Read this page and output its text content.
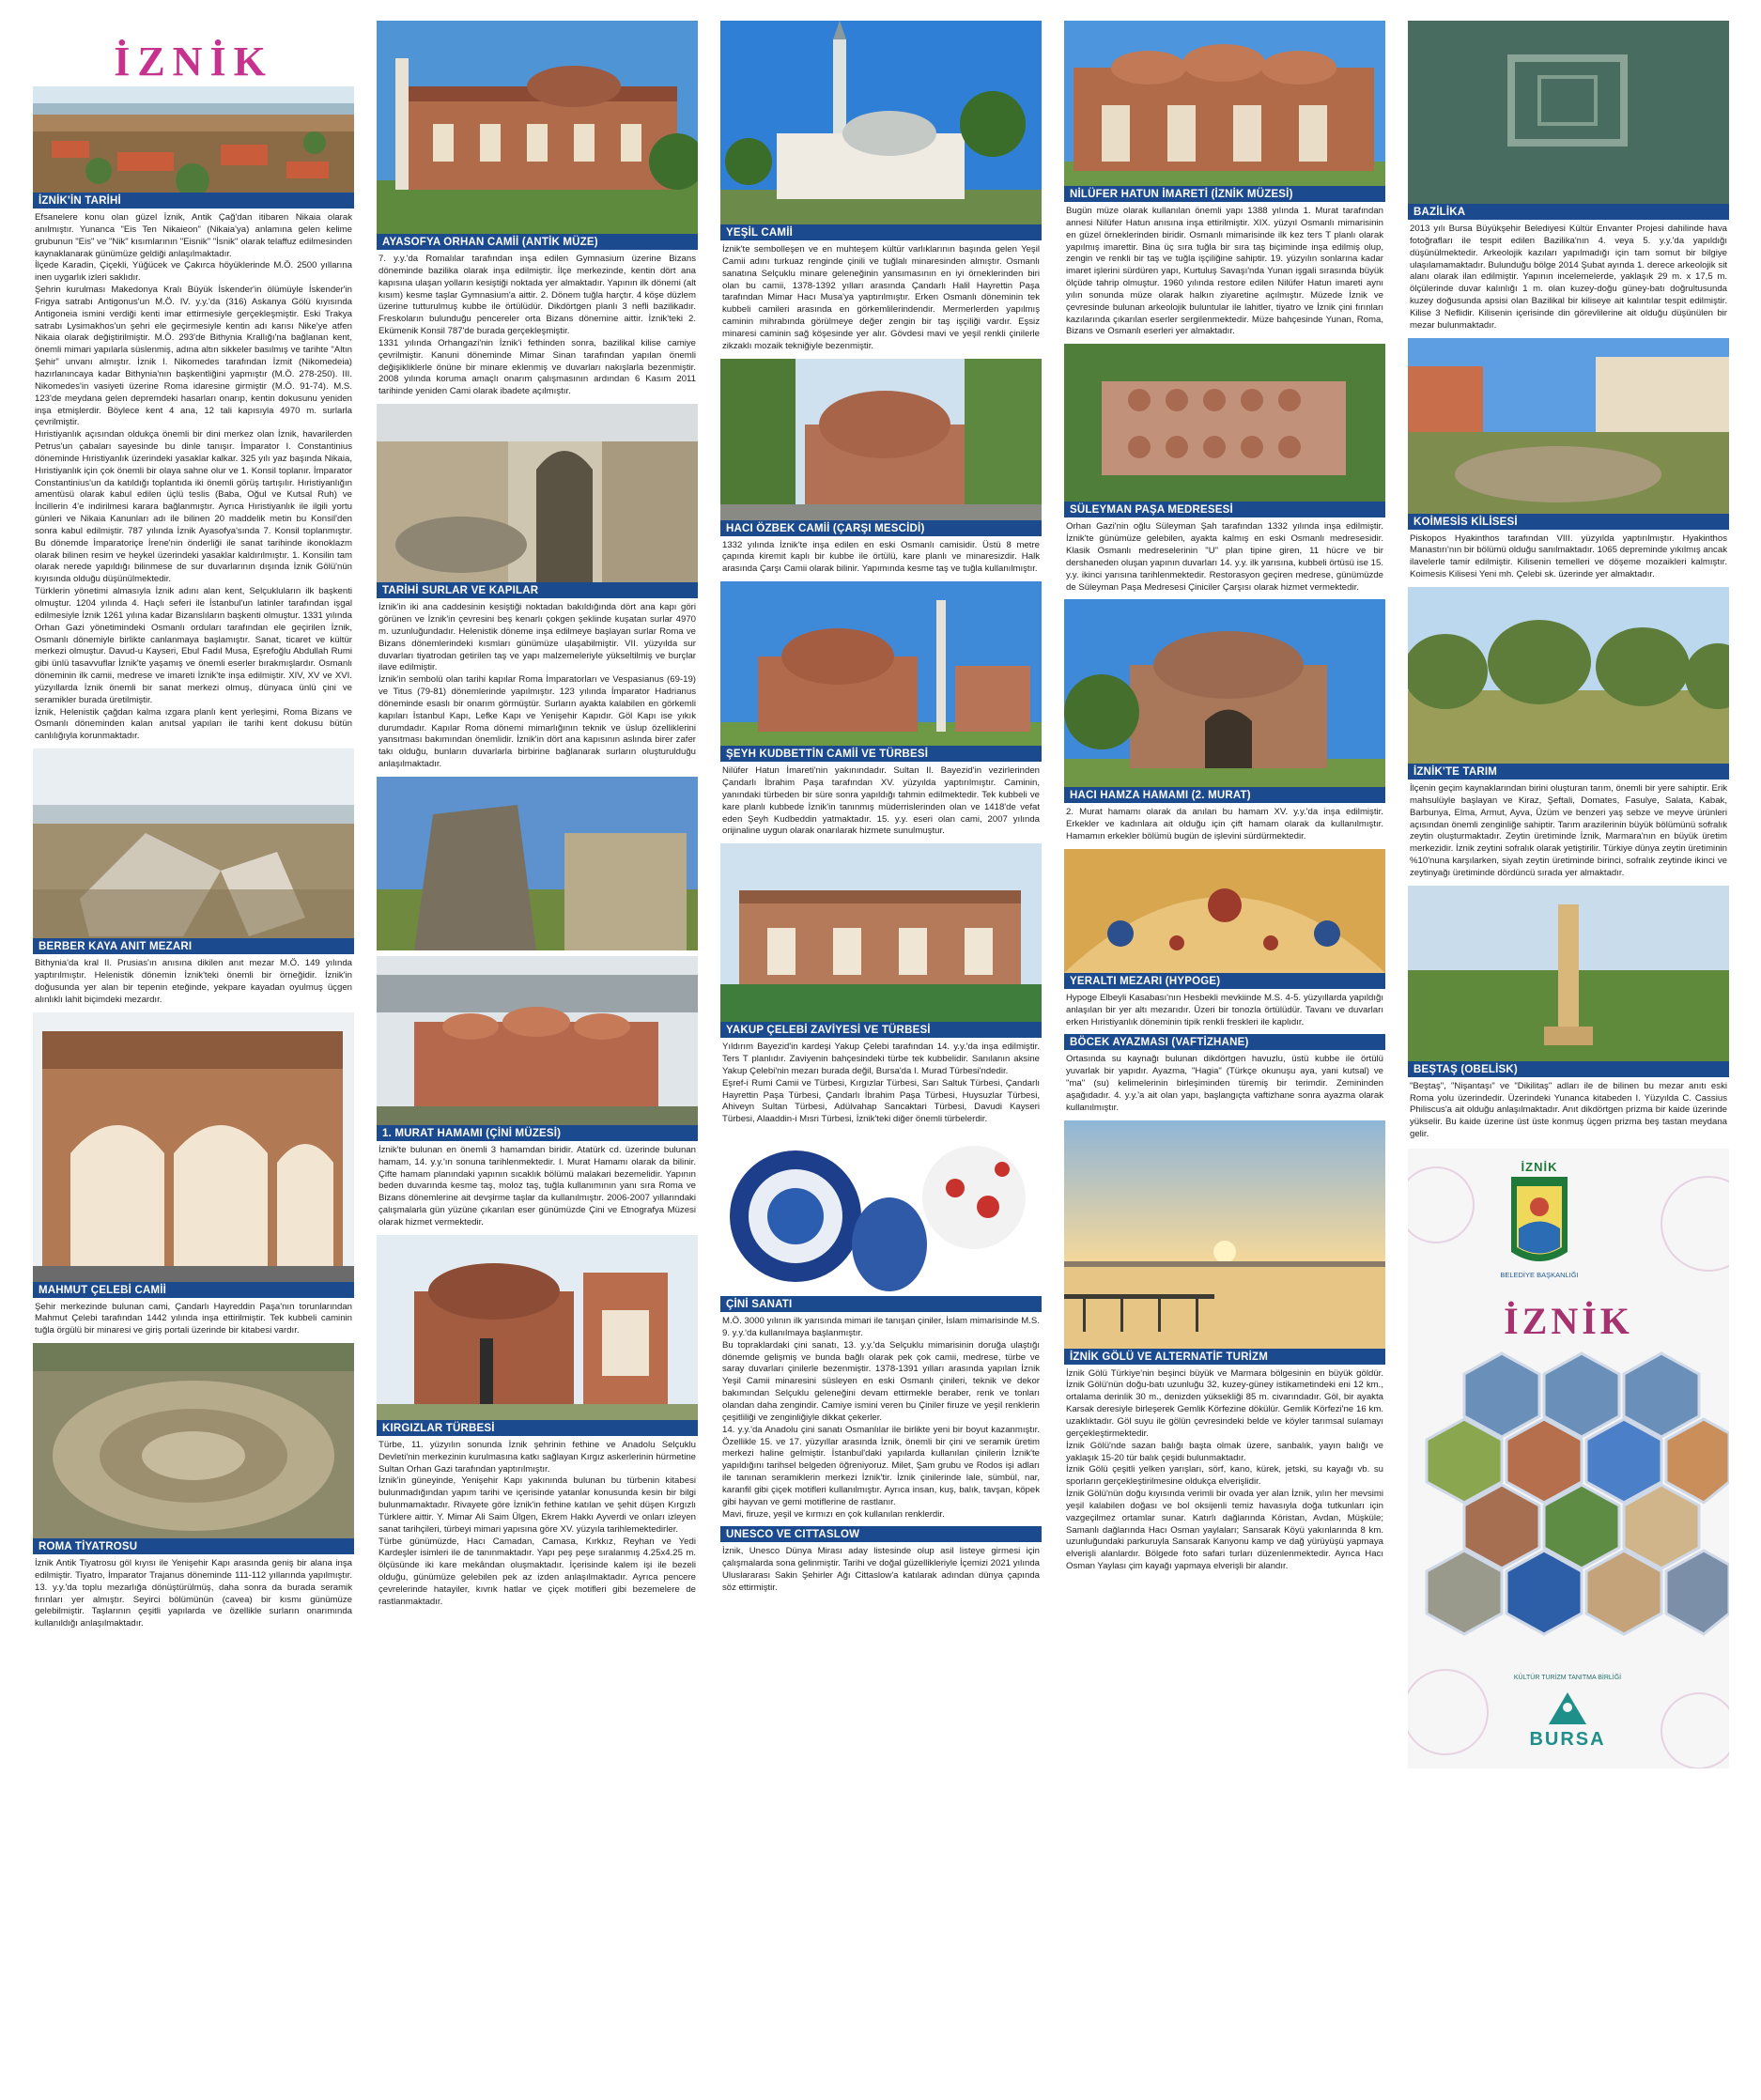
İZNİK
İZNİK'İN TARİHİ

Efsanelere konu olan güzel İznik, Antik Çağ'dan itibaren Nikaia olarak anılmıştır. Yunanca "Eis Ten Nikaieon" (Nikaia'ya) anlamına gelen kelime grubunun "Eis" ve "Nik" kısımlarının "Eisnik" "İsnik" olarak telaffuz edilmesinden kaynaklanarak günümüze geldiği anlaşılmaktadır.

İlçede Karadin, Çiçekli, Yüğücek ve Çakırca höyüklerinde M.Ö. 2500 yıllarına inen uygarlık izleri saklıdır.

Şehrin kurulması Makedonya Kralı Büyük İskender'in ölümüyle İskender'in Frigya satrabı Antigonus'un M.Ö. IV. y.y.'da (316) Askanya Gölü kıyısında Antigoneia ismini verdiği kenti imar ettirmesiyle gerçekleşmiştir. Eski Trakya satrabı Lysimakhos'un şehri ele geçirmesiyle kentin adı karısı Nike'ye atfen Nikaia olarak değiştirilmiştir. M.Ö. 293'de Bithynia Krallığı'na bağlanan kent, önemli mimari yapılarla süslenmiş, adına altın sikkeler basılmış ve tarihte "Altın Şehir" unvanı almıştır. İznik I. Nikomedes tarafından İzmit (Nikomedeia) hazırlanıncaya kadar Bithynia'nın başkentliğini yapmıştır (M.Ö. 278-250). III. Nikomedes'in vasiyeti üzerine Roma idaresine girmiştir (M.Ö. 91-74). M.S. 123'de meydana gelen depremdeki hasarları onarıp, kentin dokusunu yeniden inşa etmişlerdir. Böylece kent 4 ana, 12 tali kapısıyla 4970 m. surlarla çevrilmiştir.

Hıristiyanlık açısından oldukça önemli bir dini merkez olan İznik, havarilerden Petrus'un çabaları sayesinde bu dinle tanışır. İmparator I. Constantinius döneminde Hıristiyanlık üzerindeki yasaklar kalkar. 325 yılı yaz başında Nikaia, Hıristiyanlık için çok önemli bir olaya sahne olur ve 1. Konsil toplanır. İmparator Constantinius'un da katıldığı toplantıda iki önemli görüş tartışılır. Hıristiyanlığın amentüsü olarak kabul edilen üçlü teslis (Baba, Oğul ve Kutsal Ruh) ve İncillerin 4'e indirilmesi karara bağlanmıştır. Ayrıca Hıristiyanlık ile ilgili yortu günleri ve Nikaia Kanunları adı ile bilinen 20 maddelik metin bu Konsil'den sonra kabul edilmiştir. 787 yılında İznik Ayasofya'sında 7. Konsil toplanmıştır. Bu dönemde İmparatoriçe İrene'nin önderliği ile sanat tarihinde ikonoklazm olarak bilinen resim ve heykel üzerindeki yasaklar kaldırılmıştır. 1. Konsilin tam olarak nerede yapıldığı bilinmese de sur duvarlarının dışında İznik Gölü'nün kıyısında olduğu düşünülmektedir.

Türklerin yönetimi almasıyla İznik adını alan kent, Selçukluların ilk başkenti olmuştur. 1204 yılında 4. Haçlı seferi ile İstanbul'un latinler tarafından işgal edilmesiyle İznik 1261 yılına kadar Bizanslıların başkenti olmuştur. 1331 yılında Orhan Gazi yönetimindeki Osmanlı orduları tarafından ele geçirilen İznik, Osmanlı dönemiyle birlikte canlanmaya başlamıştır. Sanat, ticaret ve kültür merkezi olmuştur. Davud-u Kayseri, Ebul Fadıl Musa, Eşrefoğlu Abdullah Rumi gibi ünlü tasavvuflar İznik'te yaşamış ve önemli eserler bırakmışlardır. Osmanlı döneminin ilk camii, medrese ve imareti İznik'te inşa edilmiştir. XIV, XV ve XVI. yüzyıllarda İznik önemli bir sanat merkezi olmuş, dünyaca ünlü çini ve seramikler burada üretilmiştir.

İznik, Helenistik çağdan kalma ızgara planlı kent yerleşimi, Roma Bizans ve Osmanlı döneminden kalan anıtsal yapıları ile tarihi kent dokusu bütün canlılığıyla korunmaktadır.

BERBER KAYA ANIT MEZARI

Bithynia'da kral II. Prusias'ın anısına dikilen anıt mezar M.Ö. 149 yılında yaptırılmıştır. Helenistik dönemin İznik'teki önemli bir örneğidir. İznik'in doğusunda yer alan bir tepenin eteğinde, yekpare kayadan oyulmuş üçgen alınlıklı lahit biçimdeki mezardır.

MAHMUT ÇELEBİ CAMİİ

Şehir merkezinde bulunan cami, Çandarlı Hayreddin Paşa'nın torunlarından Mahmut Çelebi tarafından 1442 yılında inşa ettirilmiştir. Tek kubbeli caminin tuğla örgülü bir minaresi ve giriş portali üzerinde bir kitabesi vardır.

ROMA TİYATROSU

İznik Antik Tiyatrosu göl kıyısı ile Yenişehir Kapı arasında geniş bir alana inşa edilmiştir. Tiyatro, İmparator Trajanus döneminde 111-112 yıllarında yapılmıştır. 13. y.y.'da toplu mezarlığa dönüştürülmüş, daha sonra da burada seramik fırınları yer almıştır. Seyirci bölümünün (cavea) bir kısmı günümüze gelebilmiştir. Taşlarının çeşitli yapılarda ve özellikle surların onarımında kullanıldığı anlaşılmaktadır.

AYASOFYA ORHAN CAMİİ (ANTİK MÜZE)

7. y.y.'da Romalılar tarafından inşa edilen Gymnasium üzerine Bizans döneminde bazilika olarak inşa edilmiştir. İlçe merkezinde, kentin dört ana kapısına ulaşan yolların kesiştiği noktada yer almaktadır. Yapının ilk dönemi (alt kısım) kesme taşlar Gymnasium'a aittir. 2. Dönem tuğla harçtır. 4 köşe düzlem üzerine tutturulmuş kubbe ile örtülüdür. Dikdörtgen planlı 3 nefli bazilikadır. Freskoların bulunduğu pencereler orta Bizans dönemine aittir. İznik'teki 2. Ekümenik Konsil 787'de burada gerçekleşmiştir.

1331 yılında Orhangazi'nin İznik'i fethinden sonra, bazilikal kilise camiye çevrilmiştir. Kanuni döneminde Mimar Sinan tarafından yapılan önemli değişikliklerle önüne bir minare eklenmiş ve duvarları nakışlarla bezenmiştir. 2008 yılında koruma amaçlı onarım çalışmasının ardından 6 Kasım 2011 tarihinde yeniden Cami olarak ibadete açılmıştır.

TARİHİ SURLAR VE KAPILAR

İznik'in iki ana caddesinin kesiştiği noktadan bakıldığında dört ana kapı göri görünen ve İznik'in çevresini beş kenarlı çokgen şeklinde kuşatan surlar 4970 m. uzunluğundadır. Helenistik döneme inşa edilmeye başlayan surlar Roma ve Bizans dönemlerindeki kısmları günümüze ulaşabilmiştir. VII. yüzyılda sur duvarları tiyatrodan getirilen taş ve yapı malzemeleriyle yükseltilmiş ve burçlar ilave edilmiştir.

İznik'in sembolü olan tarihi kapılar Roma İmparatorları ve Vespasianus (69-19) ve Titus (79-81) dönemlerinde yapılmıştır. 123 yılında İmparator Hadrianus döneminde esaslı bir onarım görmüştür. Surların ayakta kalabilen en görkemli kapıları İstanbul Kapı, Lefke Kapı ve Yenişehir Kapıdır. Göl Kapı ise yıkık durumdadır. Kapılar Roma dönemi mimarlığının teknik ve üslup özelliklerini yansıtması bakımından önemlidir. İznik'in dört ana kapısının aslında birer zafer takı olduğu, bunların duvarlarla birbirine bağlanarak surların oluşturulduğu anlaşılmaktadır.

1. MURAT HAMAMI (ÇİNİ MÜZESİ)

İznik'te bulunan en önemli 3 hamamdan biridir. Atatürk cd. üzerinde bulunan hamam, 14. y.y.'ın sonuna tarihlenmektedir. I. Murat Hamamı olarak da bilinir. Çifte hamam planındaki yapının sıcaklık bölümü malakari bezemelidir. Yapının beden duvarında kesme taş, moloz taş, tuğla kullanımının yanı sıra Roma ve Bizans dönemlerine ait devşirme taşlar da kullanılmıştır. 2006-2007 yıllarındaki çalışmalarla gün yüzüne çıkarılan eser günümüzde Çini ve Etnografya Müzesi olarak hizmet vermektedir.

KIRGIZLAR TÜRBESİ

Türbe, 11. yüzyılın sonunda İznik şehrinin fethine ve Anadolu Selçuklu Devleti'nin merkezinin kurulmasına katkı sağlayan Kırgız askerlerinin hürmetine Sultan Orhan Gazi tarafından yaptırılmıştır.

İznik'in güneyinde, Yenişehir Kapı yakınında bulunan bu türbenin kitabesi bulunmadığından yapım tarihi ve içerisinde yatanlar konusunda kesin bir bilgi bulunmamaktadır. Rivayete göre İznik'in fethine katılan ve şehit düşen Kırgızlı Türklere aittir. Y. Mimar Ali Saim Ülgen, Ekrem Hakkı Ayverdi ve onları izleyen sanat tarihçileri, türbeyi mimari yapısına göre XV. yüzyıla tarihlemektedirler.

Türbe günümüzde, Hacı Camadan, Camasa, Kırkkız, Reyhan ve Yedi Kardeşler isimleri ile de tanınmaktadır. Yapı peş peşe sıralanmış 4.25x4.25 m. ölçüsünde iki kare mekândan oluşmaktadır. İçerisinde kalem işi ile bezeli olduğu, günümüze gelebilen pek az izden anlaşılmaktadır. Ayrıca pencere çevrelerinde hatayiler, kıvrık hatlar ve çiçek motifleri gibi bezemelere de rastlanmaktadır.

YEŞİL CAMİİ

İznik'te sembolleşen ve en muhteşem kültür varlıklarının başında gelen Yeşil Camii adını turkuaz renginde çinili ve tuğlalı minaresinden almıştır. Osmanlı sanatına Selçuklu minare geleneğinin yansımasının en iyi örneklerinden biri olan bu camii, 1378-1392 yılları arasında Çandarlı Halil Hayrettin Paşa tarafından Mimar Hacı Musa'ya yaptırılmıştır. Erken Osmanlı döneminin tek kubbeli camileri arasında en görkemlilerindendir. Mermerlerden yapılmış caminin mihrabında görülmeye değer zengin bir taş işçiliği vardır. Eşsiz minaresi caminin sağ köşesinde yer alır. Gövdesi mavi ve yeşil renkli çinilerle zikzaklı mozaik tekniğiyle bezenmiştir.

HACI ÖZBEK CAMİİ (ÇARŞI MESCİDİ)

1332 yılında İznik'te inşa edilen en eski Osmanlı camisidir. Üstü 8 metre çapında kiremit kaplı bir kubbe ile örtülü, kare planlı ve minaresizdir. Halk arasında Çarşı Camii olarak bilinir. Yapımında kesme taş ve tuğla kullanılmıştır.

ŞEYH KUDBETTİN CAMİİ VE TÜRBESİ

Nilüfer Hatun İmareti'nin yakınındadır. Sultan II. Bayezid'in vezirlerinden Çandarlı İbrahim Paşa tarafından XV. yüzyılda yaptırılmıştır. Caminin, yanındaki türbeden bir süre sonra yapıldığı tahmin edilmektedir. Tek kubbeli ve kare planlı kubbede İznik'in tanınmış müderrislerinden olan ve 1418'de vefat eden Şeyh Kudbeddin yatmaktadır. 15. y.y. eseri olan cami, 2007 yılında orijinaline uygun olarak onarılarak hizmete sunulmuştur.

YAKUP ÇELEBİ ZAVİYESİ VE TÜRBESİ

Yıldırım Bayezid'in kardeşi Yakup Çelebi tarafından 14. y.y.'da inşa edilmiştir. Ters T planlıdır. Zaviyenin bahçesindeki türbe tek kubbelidir. Sanılanın aksine Yakup Çelebi'nin mezarı burada değil, Bursa'da I. Murad Türbesi'ndedir.

Eşref-i Rumi Camii ve Türbesi, Kırgızlar Türbesi, Sarı Saltuk Türbesi, Çandarlı Hayrettin Paşa Türbesi, Çandarlı İbrahim Paşa Türbesi, Huysuzlar Türbesi, Ahiveyn Sultan Türbesi, Adülvahap Sancaktari Türbesi, Davudi Kayseri Türbesi, Alaaddin-i Mısri Türbesi, İznik'teki diğer önemli türbelerdir.

ÇİNİ SANATI

M.Ö. 3000 yılının ilk yarısında mimari ile tanışan çiniler, İslam mimarisinde M.S. 9. y.y.'da kullanılmaya başlanmıştır.

Bu topraklardaki çini sanatı, 13. y.y.'da Selçuklu mimarisinin doruğa ulaştığı dönemde gelişmiş ve bunda bağlı olarak pek çok camii, medrese, türbe ve saray duvarları çinilerle bezenmiştir. 1378-1391 yılları arasında yapılan İznik Yeşil Camii minaresini süsleyen en eski Osmanlı çinileri, teknik ve dekor bakımından Selçuklu geleneğini devam ettirmekle beraber, renk ve tonları olandan daha zengindir. Camiye ismini veren bu Çiniler firuze ve yeşil renklerin çeşitliliği ve zenginliğiyle dikkat çekerler.

14. y.y.'da Anadolu çini sanatı Osmanlılar ile birlikte yeni bir boyut kazanmıştır. Özellikle 15. ve 17. yüzyıllar arasında İznik, önemli bir çini ve seramik üretim merkezi haline gelmiştir. İstanbul'daki yapılarda kullanılan çinilerin İznik'te yapıldığını tarihsel belgeden öğreniyoruz. Milet, Şam grubu ve Rodos işi adları ile tanınan seramiklerin merkezi İznik'tir. İznik çinilerinde lale, sümbül, nar, karanfil gibi çiçek motifleri kullanılmıştır. Ayrıca insan, kuş, balık, tavşan, köpek gibi hayvan ve gemi motiflerine de rastlanır.

Mavi, firuze, yeşil ve kırmızı en çok kullanılan renklerdir.

UNESCO VE CITTASLOW

İznik, Unesco Dünya Mirası aday listesinde olup asil listeye girmesi için çalışmalarda sona gelinmiştir. Tarihi ve doğal güzellikleriyle İçemizi 2021 yılında Uluslararası Sakin Şehirler Ağı Cittaslow'a katılarak adından dünya çapında söz ettirmiştir.

NİLÜFER HATUN İMARETİ (İZNİK MÜZESİ)

Bugün müze olarak kullanılan önemli yapı 1388 yılında 1. Murat tarafından annesi Nilüfer Hatun anısına inşa ettirilmiştir. XIX. yüzyıl Osmanlı mimarisinin en güzel örneklerinden biridir. Osmanlı mimarisinde ilk kez ters T planlı olarak yapılmış imarettir. Bina üç sıra tuğla bir sıra taş biçiminde inşa edilmiş olup, zengin ve renkli bir taş ve tuğla işçiliğine sahiptir. 19. yüzyılın sonlarına kadar imaret işlerini sürdüren yapı, Kurtuluş Savaşı'nda Yunan işgali sırasında büyük ölçüde tahrip olmuştur. 1960 yılında restore edilen Nilüfer Hatun imareti aynı yılın sonunda müze olarak halkın ziyaretine açılmıştır. Müzede İznik ve çevresinde bulunan arkeolojik buluntular ile lahitler, tiyatro ve İznik çini fırınları kazılarında çıkarılan eserler sergilenmektedir. Müze bahçesinde Yunan, Roma, Bizans ve Osmanlı eserleri yer almaktadır.

SÜLEYMAN PAŞA MEDRESESİ

Orhan Gazi'nin oğlu Süleyman Şah tarafından 1332 yılında inşa edilmiştir. İznik'te günümüze gelebilen, ayakta kalmış en eski Osmanlı medresesidir. Klasik Osmanlı medreselerinin "U" plan tipine giren, 11 hücre ve bir dershaneden oluşan yapının duvarları 14. y.y. ilk yarısına, kubbeli örtüsü ise 15. y.y. ikinci yarısına tarihlenmektedir. Restorasyon geçiren medrese, günümüzde de Süleyman Paşa Medresesi Çiniciler Çarşısı olarak hizmet vermektedir.

HACI HAMZA HAMAMI (2. MURAT)

2. Murat hamamı olarak da anılan bu hamam XV. y.y.'da inşa edilmiştir. Erkekler ve kadınlara ait olduğu için çift hamam olarak da kullanılmıştır. Hamamın erkekler bölümü bugün de işlevini sürdürmektedir.

YERALTI MEZARI (HYPOGE)

Hypoge Elbeyli Kasabası'nın Hesbekli mevkiinde M.S. 4-5. yüzyıllarda yapıldığı anlaşılan bir yer altı mezarıdır. Üzeri bir tonozla örtülüdür. Tavanı ve duvarları erken Hıristiyanlık döneminin tipik renkli freskleri ile kaplıdır.

BÖCEK AYAZMASI (VAFTİZHANE)

Ortasında su kaynağı bulunan dikdörtgen havuzlu, üstü kubbe ile örtülü yuvarlak bir yapıdır. Ayazma, "Hagia" (Türkçe okunuşu aya, yani kutsal) ve "ma" (su) kelimelerinin birleşiminden türemiş bir terimdir. Zemininden aşağıdadır. 4. y.y.'a ait olan yapı, başlangıçta vaftizhane sonra ayazma olarak kullanılmıştır.

İZNİK GÖLÜ VE ALTERNATİF TURİZM

İznik Gölü Türkiye'nin beşinci büyük ve Marmara bölgesinin en büyük göldür. İznik Gölü'nün doğu-batı uzunluğu 32, kuzey-güney istikametindeki eni 12 km., ortalama derinlik 30 m., denizden yüksekliği 85 m. civarındadır. Göl, bir ayakta Karsak deresiyle birleşerek Gemlik Körfezine dökülür. Gemlik Körfezi'ne 16 km. uzaklıktadır. Göl suyu ile gölün çevresindeki belde ve köyler tarımsal sulamayı gerçekleştirmektedir.

İznik Gölü'nde sazan balığı başta olmak üzere, sanbalık, yayın balığı ve yaklaşık 15-20 tür balık çeşidi bulunmaktadır.

İznik Gölü çeşitli yelken yarışları, sörf, kano, kürek, jetski, su kayağı vb. su sporların gerçekleştirilmesine oldukça elverişlidir.

İznik Gölü'nün doğu kıyısında verimli bir ovada yer alan İznik, yılın her mevsimi yeşil kalabilen doğası ve bol oksijenli temiz havasıyla doğa tutkunları için vazgeçilmez ortamlar sunar. Katırlı dağlarında Köristan, Avdan, Müşküle; Samanlı dağlarında Hacı Osman yaylaları; Sansarak Köyü yakınlarında 8 km. uzunluğundaki parkuruyla Sansarak Kanyonu kamp ve dağ yürüyüşü yapmaya elverişli alanlardır. Bölgede foto safari turları düzenlenmektedir. Ayrıca Hacı Osman Yaylası çim kayağı yapmaya elverişli bir alandır.

BAZİLİKA

2013 yılı Bursa Büyükşehir Belediyesi Kültür Envanter Projesi dahilinde hava fotoğrafları ile tespit edilen Bazilika'nın 4. veya 5. y.y.'da yapıldığı düşünülmektedir. Arkeolojik kazıları yapılmadığı için tam somut bir bilgiye ulaşılamamaktadır. Bulunduğu bölge 2014 Şubat ayında 1. derece arkeolojik sit alanı olarak ilan edilmiştir. Yapının incelemelerde, yaklaşık 29 m. x 17,5 m. ölçülerinde duvar kalınlığı 1 m. olan kuzey-doğu güney-batı doğrultusunda kuzey doğusunda apsisi olan Bazilikal bir kiliseye ait kalıntılar tespit edilmiştir. Kilise 3 Neflidir. Kilisenin içerisinde din görevlilerine ait olduğu düşünülen bir mezar bulunmaktadır.

KOİMESİS KİLİSESİ

Piskopos Hyakinthos tarafından VIII. yüzyılda yaptırılmıştır. Hyakinthos Manastırı'nın bir bölümü olduğu sanılmaktadır. 1065 depreminde yıkılmış ancak ilavelerle tamir edilmiştir. Kilisenin temelleri ve döşeme mozaikleri kalmıştır. Koimesis Kilisesi Yeni mh. Çelebi sk. üzerinde yer almaktadır.

İZNİK'TE TARIM

İlçenin geçim kaynaklarından birini oluşturan tarım, önemli bir yere sahiptir. Erik mahsulüyle başlayan ve Kiraz, Şeftali, Domates, Fasulye, Salata, Kabak, Barbunya, Elma, Armut, Ayva, Üzüm ve benzeri yaş sebze ve meyve ürünleri açısından önemli zenginliğe sahiptir. Tarım arazilerinin büyük bölümünü sofralık zeytin oluşturmaktadır. Zeytin üretiminde İznik, Marmara'nın en büyük üretim merkezidir. İznik zeytini sofralık olarak yetiştirilir. Türkiye dünya zeytin üretiminin %10'nuna karşılarken, siyah zeytin üretiminde birinci, sofralık zeytinde ikinci ve zeytinyağı üretiminde dördüncü sırada yer almaktadır.

BEŞTAŞ (OBELİSK)

"Beştaş", "Nişantaşı" ve "Dikilitaş" adları ile de bilinen bu mezar anıtı eski Roma yolu üzerindedir. Üzerindeki Yunanca kitabeden I. Yüzyılda C. Cassius Philiscus'a ait olduğu anlaşılmaktadır. Anıt dikdörtgen prizma bir kaide üzerinde yükselir. Bu kaide üzerine üst üste konmuş üçgen prizma beş tastan meydana gelir.

İZNİK
BELEDİYE BAŞKANLIĞI
İZNİK
KÜLTÜR TURİZM TANITMA BİRLİĞİ
BURSA
